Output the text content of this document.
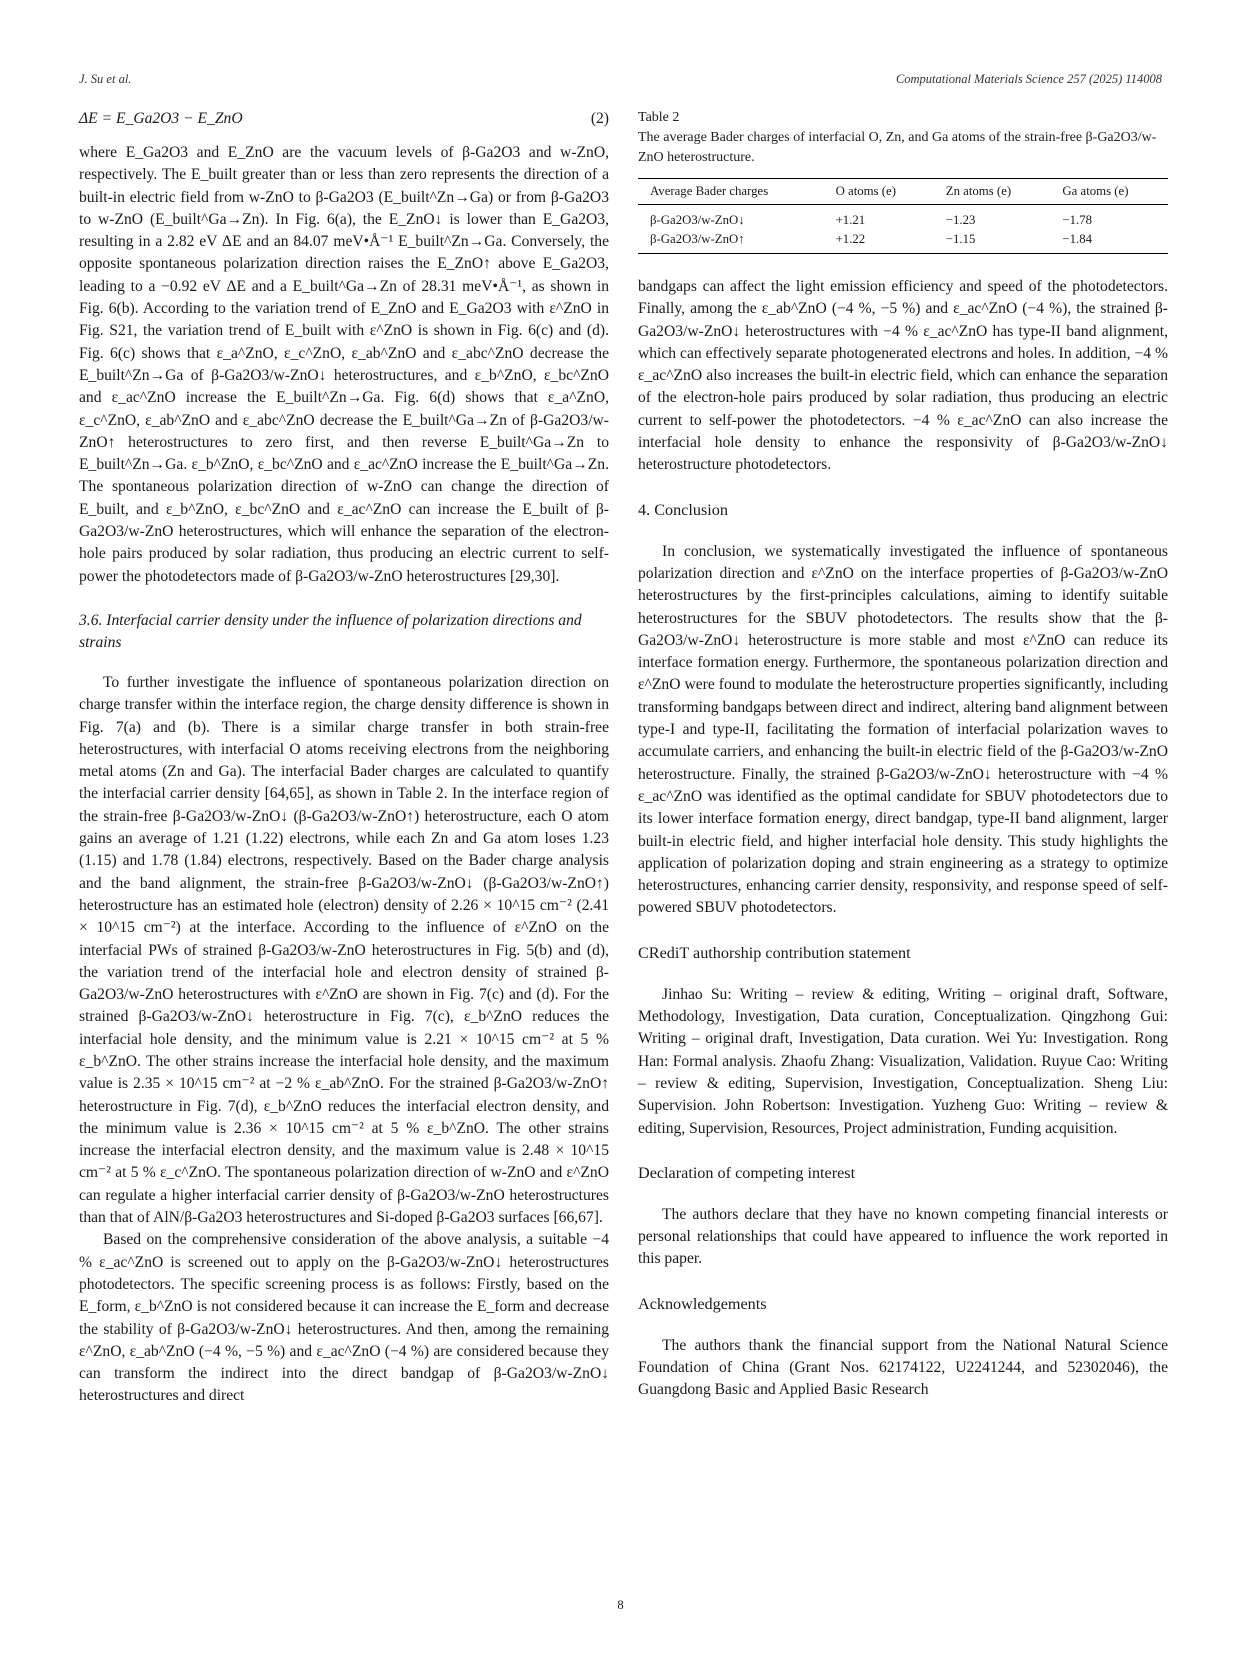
J. Su et al.	Computational Materials Science 257 (2025) 114008
ΔE = E_Ga2O3 − E_ZnO	(2)

where E_Ga2O3 and E_ZnO are the vacuum levels of β-Ga2O3 and w-ZnO, respectively. The E_built greater than or less than zero represents the direction of a built-in electric field from w-ZnO to β-Ga2O3 (E_built^Zn→Ga) or from β-Ga2O3 to w-ZnO (E_built^Ga→Zn). In Fig. 6(a), the E_ZnO↓ is lower than E_Ga2O3, resulting in a 2.82 eV ΔE and an 84.07 meV•Å⁻¹ E_built^Zn→Ga. Conversely, the opposite spontaneous polarization direction raises the E_ZnO↑ above E_Ga2O3, leading to a −0.92 eV ΔE and a E_built^Ga→Zn of 28.31 meV•Å⁻¹, as shown in Fig. 6(b). According to the variation trend of E_ZnO and E_Ga2O3 with ε^ZnO in Fig. S21, the variation trend of E_built with ε^ZnO is shown in Fig. 6(c) and (d). Fig. 6(c) shows that ε_a^ZnO, ε_c^ZnO, ε_ab^ZnO and ε_abc^ZnO decrease the E_built^Zn→Ga of β-Ga2O3/w-ZnO↓ heterostructures, and ε_b^ZnO, ε_bc^ZnO and ε_ac^ZnO increase the E_built^Zn→Ga. Fig. 6(d) shows that ε_a^ZnO, ε_c^ZnO, ε_ab^ZnO and ε_abc^ZnO decrease the E_built^Ga→Zn of β-Ga2O3/w-ZnO↑ heterostructures to zero first, and then reverse E_built^Ga→Zn to E_built^Zn→Ga. ε_b^ZnO, ε_bc^ZnO and ε_ac^ZnO increase the E_built^Ga→Zn. The spontaneous polarization direction of w-ZnO can change the direction of E_built, and ε_b^ZnO, ε_bc^ZnO and ε_ac^ZnO can increase the E_built of β-Ga2O3/w-ZnO heterostructures, which will enhance the separation of the electron-hole pairs produced by solar radiation, thus producing an electric current to self-power the photodetectors made of β-Ga2O3/w-ZnO heterostructures [29,30].

3.6. Interfacial carrier density under the influence of polarization directions and strains

To further investigate the influence of spontaneous polarization direction on charge transfer within the interface region, the charge density difference is shown in Fig. 7(a) and (b). There is a similar charge transfer in both strain-free heterostructures, with interfacial O atoms receiving electrons from the neighboring metal atoms (Zn and Ga). The interfacial Bader charges are calculated to quantify the interfacial carrier density [64,65], as shown in Table 2. In the interface region of the strain-free β-Ga2O3/w-ZnO↓ (β-Ga2O3/w-ZnO↑) heterostructure, each O atom gains an average of 1.21 (1.22) electrons, while each Zn and Ga atom loses 1.23 (1.15) and 1.78 (1.84) electrons, respectively. Based on the Bader charge analysis and the band alignment, the strain-free β-Ga2O3/w-ZnO↓ (β-Ga2O3/w-ZnO↑) heterostructure has an estimated hole (electron) density of 2.26 × 10^15 cm⁻² (2.41 × 10^15 cm⁻²) at the interface. According to the influence of ε^ZnO on the interfacial PWs of strained β-Ga2O3/w-ZnO heterostructures in Fig. 5(b) and (d), the variation trend of the interfacial hole and electron density of strained β-Ga2O3/w-ZnO heterostructures with ε^ZnO are shown in Fig. 7(c) and (d). For the strained β-Ga2O3/w-ZnO↓ heterostructure in Fig. 7(c), ε_b^ZnO reduces the interfacial hole density, and the minimum value is 2.21 × 10^15 cm⁻² at 5 % ε_b^ZnO. The other strains increase the interfacial hole density, and the maximum value is 2.35 × 10^15 cm⁻² at −2 % ε_ab^ZnO. For the strained β-Ga2O3/w-ZnO↑ heterostructure in Fig. 7(d), ε_b^ZnO reduces the interfacial electron density, and the minimum value is 2.36 × 10^15 cm⁻² at 5 % ε_b^ZnO. The other strains increase the interfacial electron density, and the maximum value is 2.48 × 10^15 cm⁻² at 5 % ε_c^ZnO. The spontaneous polarization direction of w-ZnO and ε^ZnO can regulate a higher interfacial carrier density of β-Ga2O3/w-ZnO heterostructures than that of AlN/β-Ga2O3 heterostructures and Si-doped β-Ga2O3 surfaces [66,67].

Based on the comprehensive consideration of the above analysis, a suitable −4 % ε_ac^ZnO is screened out to apply on the β-Ga2O3/w-ZnO↓ heterostructures photodetectors. The specific screening process is as follows: Firstly, based on the E_form, ε_b^ZnO is not considered because it can increase the E_form and decrease the stability of β-Ga2O3/w-ZnO↓ heterostructures. And then, among the remaining ε^ZnO, ε_ab^ZnO (−4 %, −5 %) and ε_ac^ZnO (−4 %) are considered because they can transform the indirect into the direct bandgap of β-Ga2O3/w-ZnO↓ heterostructures and direct

Table 2

The average Bader charges of interfacial O, Zn, and Ga atoms of the strain-free β-Ga2O3/w-ZnO heterostructure.

Average Bader charges	O atoms (e)	Zn atoms (e)	Ga atoms (e)
β-Ga2O3/w-ZnO↓	+1.21	−1.23	−1.78
β-Ga2O3/w-ZnO↑	+1.22	−1.15	−1.84

bandgaps can affect the light emission efficiency and speed of the photodetectors. Finally, among the ε_ab^ZnO (−4 %, −5 %) and ε_ac^ZnO (−4 %), the strained β-Ga2O3/w-ZnO↓ heterostructures with −4 % ε_ac^ZnO has type-II band alignment, which can effectively separate photogenerated electrons and holes. In addition, −4 % ε_ac^ZnO also increases the built-in electric field, which can enhance the separation of the electron-hole pairs produced by solar radiation, thus producing an electric current to self-power the photodetectors. −4 % ε_ac^ZnO can also increase the interfacial hole density to enhance the responsivity of β-Ga2O3/w-ZnO↓ heterostructure photodetectors.

4. Conclusion

In conclusion, we systematically investigated the influence of spontaneous polarization direction and ε^ZnO on the interface properties of β-Ga2O3/w-ZnO heterostructures by the first-principles calculations, aiming to identify suitable heterostructures for the SBUV photodetectors. The results show that the β-Ga2O3/w-ZnO↓ heterostructure is more stable and most ε^ZnO can reduce its interface formation energy. Furthermore, the spontaneous polarization direction and ε^ZnO were found to modulate the heterostructure properties significantly, including transforming bandgaps between direct and indirect, altering band alignment between type-I and type-II, facilitating the formation of interfacial polarization waves to accumulate carriers, and enhancing the built-in electric field of the β-Ga2O3/w-ZnO heterostructure. Finally, the strained β-Ga2O3/w-ZnO↓ heterostructure with −4 % ε_ac^ZnO was identified as the optimal candidate for SBUV photodetectors due to its lower interface formation energy, direct bandgap, type-II band alignment, larger built-in electric field, and higher interfacial hole density. This study highlights the application of polarization doping and strain engineering as a strategy to optimize heterostructures, enhancing carrier density, responsivity, and response speed of self-powered SBUV photodetectors.

CRediT authorship contribution statement

Jinhao Su: Writing – review & editing, Writing – original draft, Software, Methodology, Investigation, Data curation, Conceptualization. Qingzhong Gui: Writing – original draft, Investigation, Data curation. Wei Yu: Investigation. Rong Han: Formal analysis. Zhaofu Zhang: Visualization, Validation. Ruyue Cao: Writing – review & editing, Supervision, Investigation, Conceptualization. Sheng Liu: Supervision. John Robertson: Investigation. Yuzheng Guo: Writing – review & editing, Supervision, Resources, Project administration, Funding acquisition.

Declaration of competing interest

The authors declare that they have no known competing financial interests or personal relationships that could have appeared to influence the work reported in this paper.

Acknowledgements

The authors thank the financial support from the National Natural Science Foundation of China (Grant Nos. 62174122, U2241244, and 52302046), the Guangdong Basic and Applied Basic Research

8
